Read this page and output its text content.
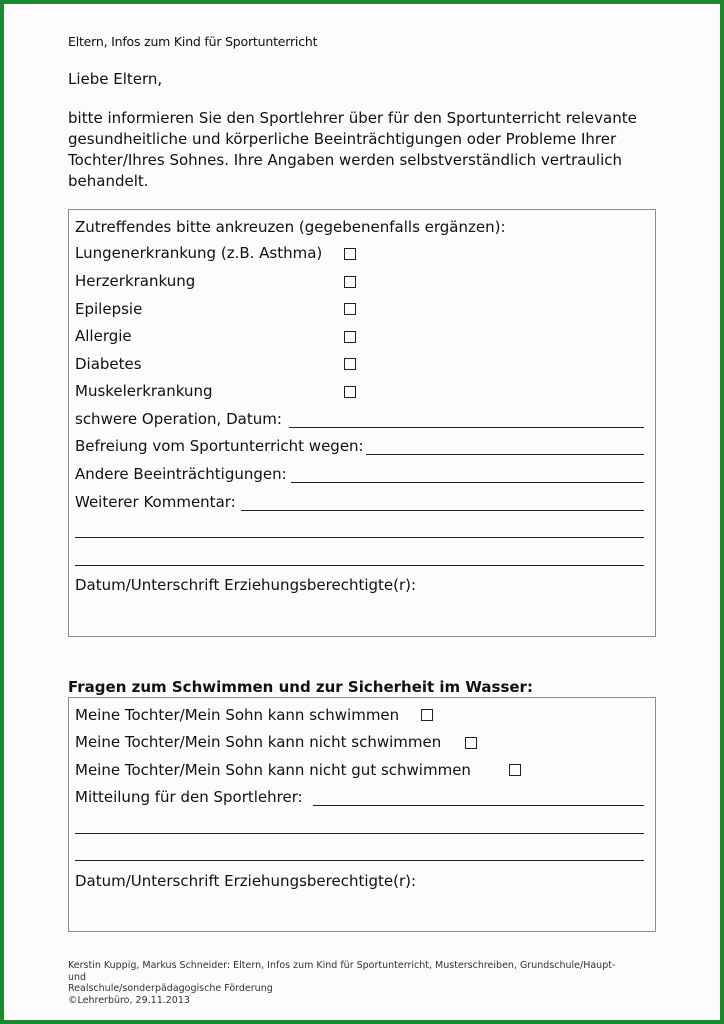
Eltern, Infos zum Kind für Sportunterricht
Liebe Eltern,
bitte informieren Sie den Sportlehrer über für den Sportunterricht relevante
gesundheitliche und körperliche Beeinträchtigungen oder Probleme Ihrer
Tochter/Ihres Sohnes. Ihre Angaben werden selbstverständlich vertraulich
behandelt.
Zutreffendes bitte ankreuzen (gegebenenfalls ergänzen):
Lungenerkrankung (z.B. Asthma)
Herzerkrankung
Epilepsie
Allergie
Diabetes
Muskelerkrankung
schwere Operation, Datum:
Befreiung vom Sportunterricht wegen:
Andere Beeinträchtigungen:
Weiterer Kommentar:
Datum/Unterschrift Erziehungsberechtigte(r):
Fragen zum Schwimmen und zur Sicherheit im Wasser:
Meine Tochter/Mein Sohn kann schwimmen
Meine Tochter/Mein Sohn kann nicht schwimmen
Meine Tochter/Mein Sohn kann nicht gut schwimmen
Mitteilung für den Sportlehrer:
Datum/Unterschrift Erziehungsberechtigte(r):
Kerstin Kuppig, Markus Schneider: Eltern, Infos zum Kind für Sportunterricht, Musterschreiben, Grundschule/Haupt- und
Realschule/sonderpädagogische Förderung
©Lehrerbüro, 29.11.2013
